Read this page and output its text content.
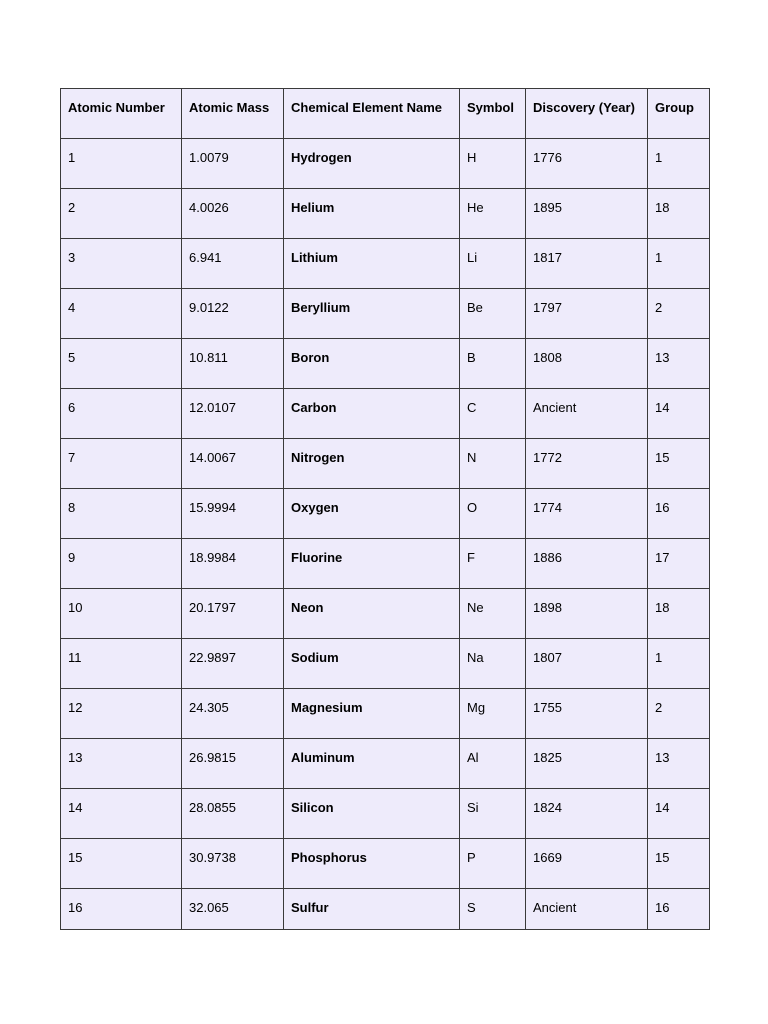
Atomic Number	Atomic Mass	Chemical Element Name	Symbol	Discovery (Year)	Group
1	1.0079	Hydrogen	H	1776	1
2	4.0026	Helium	He	1895	18
3	6.941	Lithium	Li	1817	1
4	9.0122	Beryllium	Be	1797	2
5	10.811	Boron	B	1808	13
6	12.0107	Carbon	C	Ancient	14
7	14.0067	Nitrogen	N	1772	15
8	15.9994	Oxygen	O	1774	16
9	18.9984	Fluorine	F	1886	17
10	20.1797	Neon	Ne	1898	18
11	22.9897	Sodium	Na	1807	1
12	24.305	Magnesium	Mg	1755	2
13	26.9815	Aluminum	Al	1825	13
14	28.0855	Silicon	Si	1824	14
15	30.9738	Phosphorus	P	1669	15
16	32.065	Sulfur	S	Ancient	16
